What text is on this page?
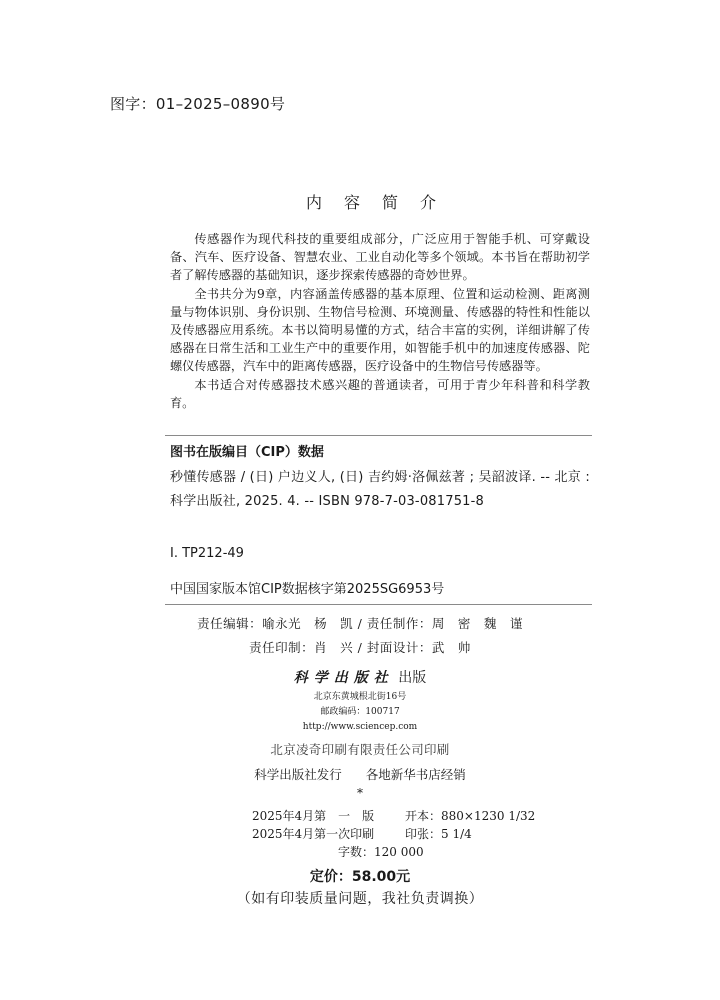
图字：01–2025–0890号
内容简介

传感器作为现代科技的重要组成部分，广泛应用于智能手机、可穿戴设备、汽车、医疗设备、智慧农业、工业自动化等多个领域。本书旨在帮助初学者了解传感器的基础知识，逐步探索传感器的奇妙世界。

全书共分为9章，内容涵盖传感器的基本原理、位置和运动检测、距离测量与物体识别、身份识别、生物信号检测、环境测量、传感器的特性和性能以及传感器应用系统。本书以简明易懂的方式，结合丰富的实例，详细讲解了传感器在日常生活和工业生产中的重要作用，如智能手机中的加速度传感器、陀螺仪传感器，汽车中的距离传感器，医疗设备中的生物信号传感器等。

本书适合对传感器技术感兴趣的普通读者，可用于青少年科普和科学教育。

图书在版编目（CIP）数据
秒懂传感器 / (日) 户边义人, (日) 吉约姆·洛佩兹著 ; 吴韶波译. -- 北京 : 科学出版社, 2025. 4. -- ISBN 978-7-03-081751-8
Ⅰ. TP212-49
中国国家版本馆CIP数据核字第2025SG6953号
责任编辑：喻永光　杨　凯 / 责任制作：周　密　魏　谨
责任印制：肖　兴 / 封面设计：武　帅
科学出版社 出版
北京东黄城根北街16号
邮政编码：100717
http://www.sciencep.com
北京凌奇印刷有限责任公司印刷
科学出版社发行 各地新华书店经销
*
2025年4月第　一　版	开本：880×1230 1/32
2025年4月第一次印刷	印张：5 1/4
字数：120 000
定价：58.00元
（如有印装质量问题，我社负责调换）
